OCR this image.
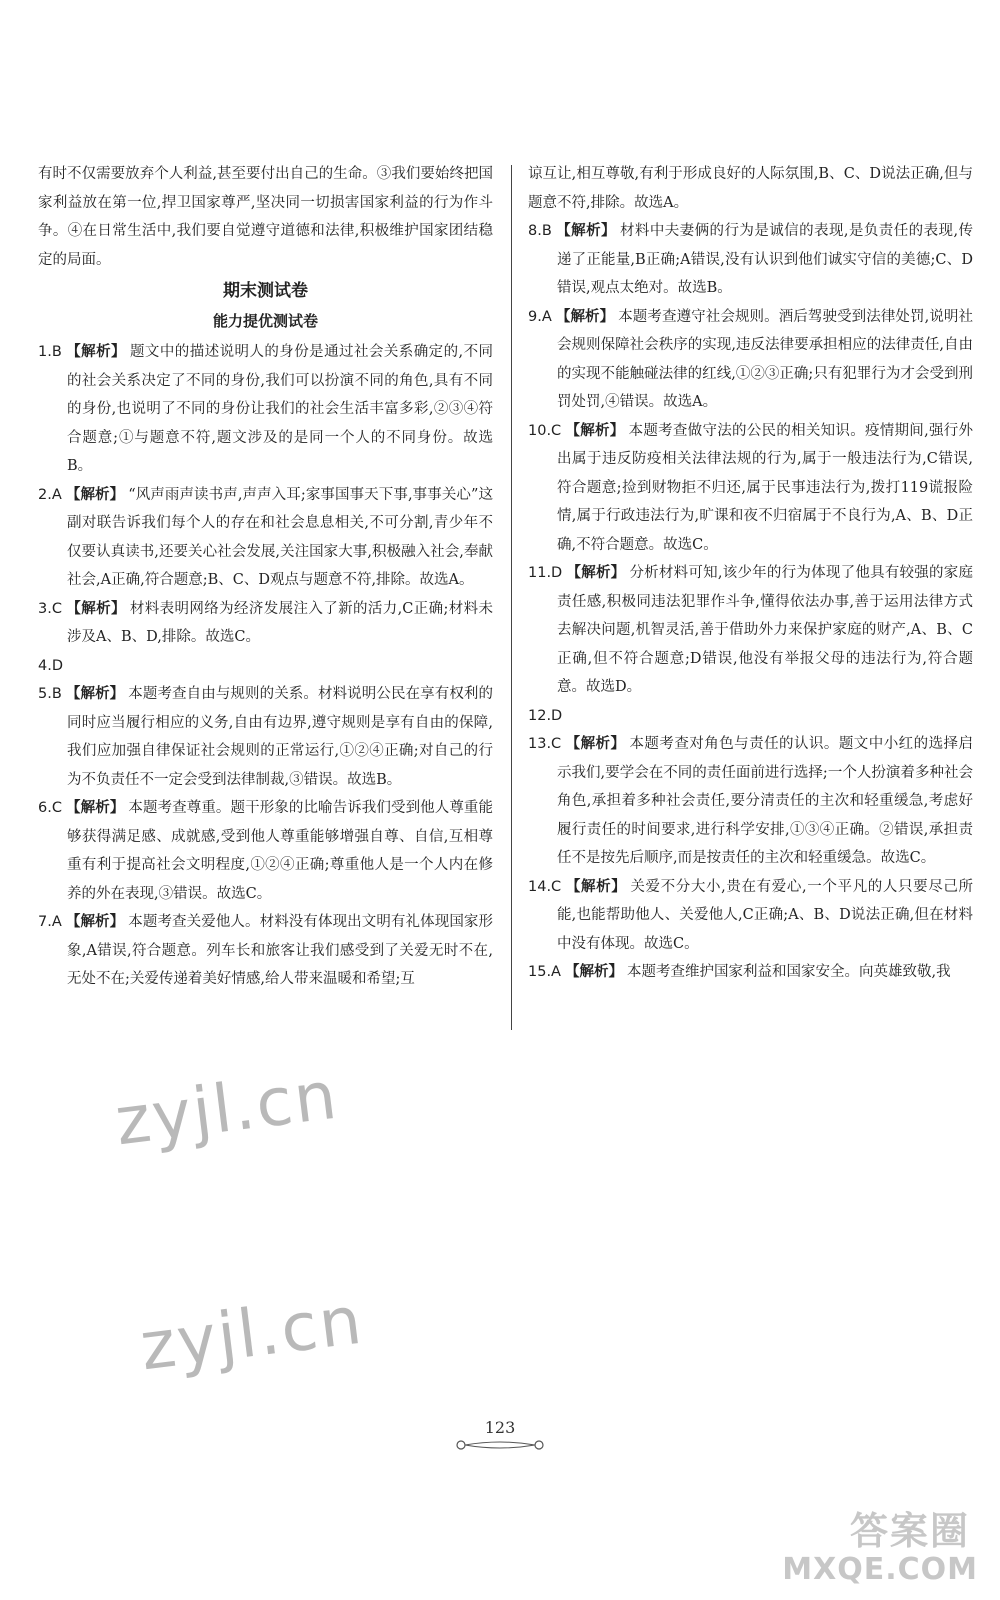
有时不仅需要放弃个人利益,甚至要付出自己的生命。③我们要始终把国家利益放在第一位,捍卫国家尊严,坚决同一切损害国家利益的行为作斗争。④在日常生活中,我们要自觉遵守道德和法律,积极维护国家团结稳定的局面。

期末测试卷
能力提优测试卷

1.B 【解析】 题文中的描述说明人的身份是通过社会关系确定的,不同的社会关系决定了不同的身份,我们可以扮演不同的角色,具有不同的身份,也说明了不同的身份让我们的社会生活丰富多彩,②③④符合题意;①与题意不符,题文涉及的是同一个人的不同身份。故选B。

2.A 【解析】 “风声雨声读书声,声声入耳;家事国事天下事,事事关心”这副对联告诉我们每个人的存在和社会息息相关,不可分割,青少年不仅要认真读书,还要关心社会发展,关注国家大事,积极融入社会,奉献社会,A正确,符合题意;B、C、D观点与题意不符,排除。故选A。

3.C 【解析】 材料表明网络为经济发展注入了新的活力,C正确;材料未涉及A、B、D,排除。故选C。

4.D

5.B 【解析】 本题考查自由与规则的关系。材料说明公民在享有权利的同时应当履行相应的义务,自由有边界,遵守规则是享有自由的保障,我们应加强自律保证社会规则的正常运行,①②④正确;对自己的行为不负责任不一定会受到法律制裁,③错误。故选B。

6.C 【解析】 本题考查尊重。题干形象的比喻告诉我们受到他人尊重能够获得满足感、成就感,受到他人尊重能够增强自尊、自信,互相尊重有利于提高社会文明程度,①②④正确;尊重他人是一个人内在修养的外在表现,③错误。故选C。

7.A 【解析】 本题考查关爱他人。材料没有体现出文明有礼体现国家形象,A错误,符合题意。列车长和旅客让我们感受到了关爱无时不在,无处不在;关爱传递着美好情感,给人带来温暖和希望;互

谅互让,相互尊敬,有利于形成良好的人际氛围,B、C、D说法正确,但与题意不符,排除。故选A。

8.B 【解析】 材料中夫妻俩的行为是诚信的表现,是负责任的表现,传递了正能量,B正确;A错误,没有认识到他们诚实守信的美德;C、D错误,观点太绝对。故选B。

9.A 【解析】 本题考查遵守社会规则。酒后驾驶受到法律处罚,说明社会规则保障社会秩序的实现,违反法律要承担相应的法律责任,自由的实现不能触碰法律的红线,①②③正确;只有犯罪行为才会受到刑罚处罚,④错误。故选A。

10.C 【解析】 本题考查做守法的公民的相关知识。疫情期间,强行外出属于违反防疫相关法律法规的行为,属于一般违法行为,C错误,符合题意;捡到财物拒不归还,属于民事违法行为,拨打119谎报险情,属于行政违法行为,旷课和夜不归宿属于不良行为,A、B、D正确,不符合题意。故选C。

11.D 【解析】 分析材料可知,该少年的行为体现了他具有较强的家庭责任感,积极同违法犯罪作斗争,懂得依法办事,善于运用法律方式去解决问题,机智灵活,善于借助外力来保护家庭的财产,A、B、C正确,但不符合题意;D错误,他没有举报父母的违法行为,符合题意。故选D。

12.D

13.C 【解析】 本题考查对角色与责任的认识。题文中小红的选择启示我们,要学会在不同的责任面前进行选择;一个人扮演着多种社会角色,承担着多种社会责任,要分清责任的主次和轻重缓急,考虑好履行责任的时间要求,进行科学安排,①③④正确。②错误,承担责任不是按先后顺序,而是按责任的主次和轻重缓急。故选C。

14.C 【解析】 关爱不分大小,贵在有爱心,一个平凡的人只要尽己所能,也能帮助他人、关爱他人,C正确;A、B、D说法正确,但在材料中没有体现。故选C。

15.A 【解析】 本题考查维护国家利益和国家安全。向英雄致敬,我

zyjl.cn
zyjl.cn
123
答案圈
MXQE.COM
